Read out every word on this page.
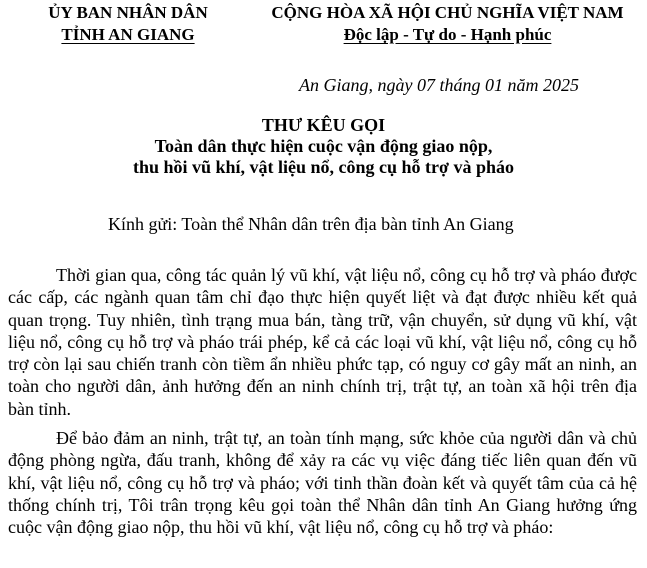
ỦY BAN NHÂN DÂN
TỈNH AN GIANG
CỘNG HÒA XÃ HỘI CHỦ NGHĨA VIỆT NAM
Độc lập - Tự do - Hạnh phúc
An Giang, ngày 07 tháng 01 năm 2025
THƯ KÊU GỌI
Toàn dân thực hiện cuộc vận động giao nộp,
thu hồi vũ khí, vật liệu nổ, công cụ hỗ trợ và pháo
Kính gửi: Toàn thể Nhân dân trên địa bàn tỉnh An Giang

Thời gian qua, công tác quản lý vũ khí, vật liệu nổ, công cụ hỗ trợ và pháo được các cấp, các ngành quan tâm chỉ đạo thực hiện quyết liệt và đạt được nhiều kết quả quan trọng. Tuy nhiên, tình trạng mua bán, tàng trữ, vận chuyển, sử dụng vũ khí, vật liệu nổ, công cụ hỗ trợ và pháo trái phép, kể cả các loại vũ khí, vật liệu nổ, công cụ hỗ trợ còn lại sau chiến tranh còn tiềm ẩn nhiều phức tạp, có nguy cơ gây mất an ninh, an toàn cho người dân, ảnh hưởng đến an ninh chính trị, trật tự, an toàn xã hội trên địa bàn tỉnh.

Để bảo đảm an ninh, trật tự, an toàn tính mạng, sức khỏe của người dân và chủ động phòng ngừa, đấu tranh, không để xảy ra các vụ việc đáng tiếc liên quan đến vũ khí, vật liệu nổ, công cụ hỗ trợ và pháo; với tinh thần đoàn kết và quyết tâm của cả hệ thống chính trị, Tôi trân trọng kêu gọi toàn thể Nhân dân tỉnh An Giang hưởng ứng cuộc vận động giao nộp, thu hồi vũ khí, vật liệu nổ, công cụ hỗ trợ và pháo:
